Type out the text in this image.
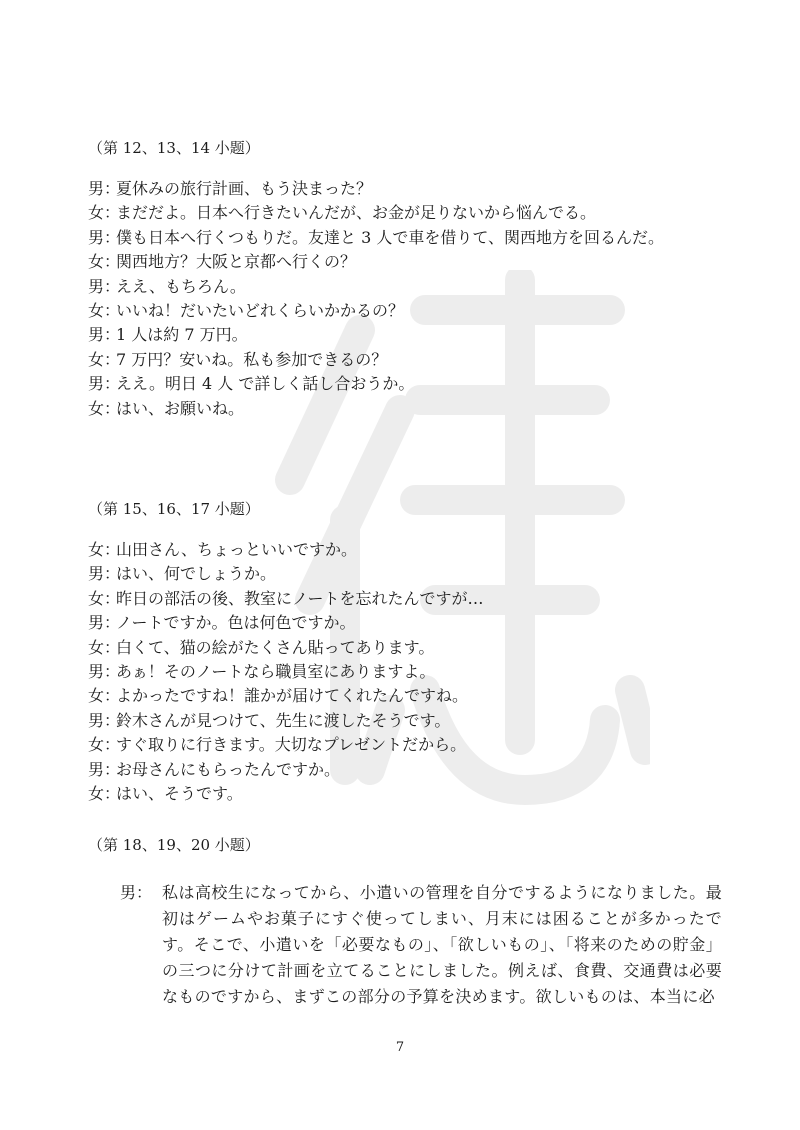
（第 12、13、14 小题）
男：夏休みの旅行計画、もう決まった？
女：まだだよ。日本へ行きたいんだが、お金が足りないから悩んでる。
男：僕も日本へ行くつもりだ。友達と 3 人で車を借りて、関西地方を回るんだ。
女：関西地方？大阪と京都へ行くの？
男：ええ、もちろん。
女：いいね！だいたいどれくらいかかるの？
男：1 人は約 7 万円。
女：7 万円？安いね。私も参加できるの？
男：ええ。明日 4 人 で詳しく話し合おうか。
女：はい、お願いね。
（第 15、16、17 小题）
女：山田さん、ちょっといいですか。
男：はい、何でしょうか。
女：昨日の部活の後、教室にノートを忘れたんですが…
男：ノートですか。色は何色ですか。
女：白くて、猫の絵がたくさん貼ってあります。
男：あぁ！そのノートなら職員室にありますよ。
女：よかったですね！誰かが届けてくれたんですね。
男：鈴木さんが見つけて、先生に渡したそうです。
女：すぐ取りに行きます。大切なプレゼントだから。
男：お母さんにもらったんですか。
女：はい、そうです。
（第 18、19、20 小题）
男： 私は高校生になってから、小遣いの管理を自分でするようになりました。最初はゲームやお菓子にすぐ使ってしまい、月末には困ることが多かったです。そこで、小遣いを「必要なもの」、「欲しいもの」、「将来のための貯金」の三つに分けて計画を立てることにしました。例えば、食費、交通費は必要なものですから、まずこの部分の予算を決めます。欲しいものは、本当に必
7
